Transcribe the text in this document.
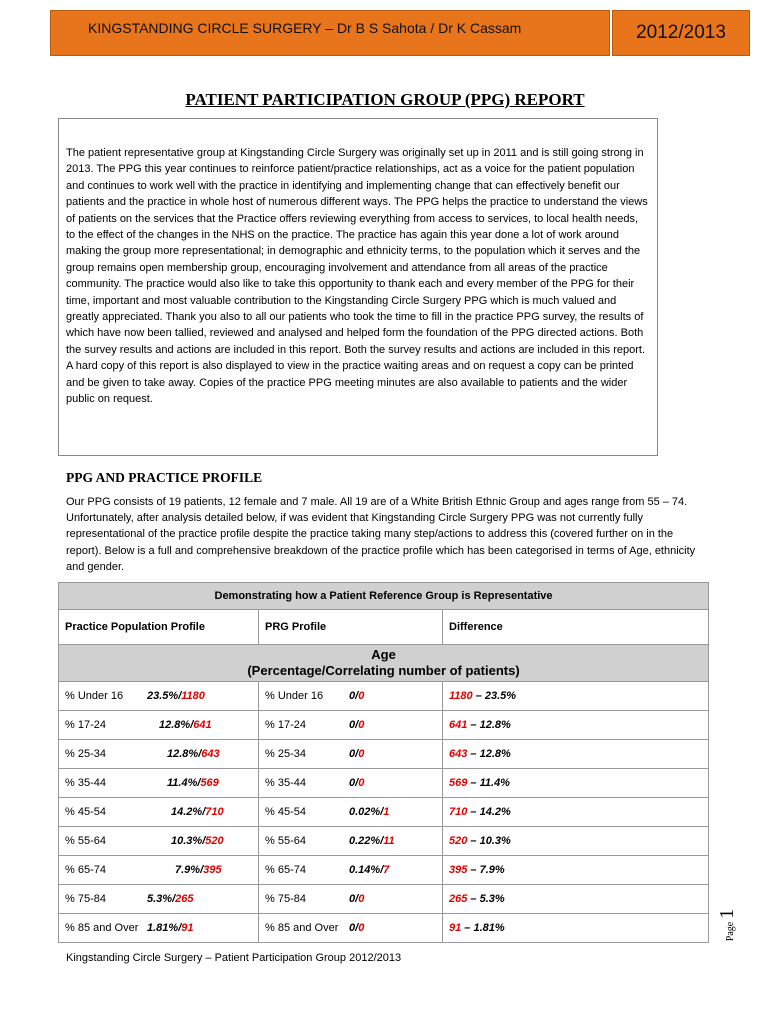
KINGSTANDING CIRCLE SURGERY – Dr B S Sahota / Dr K Cassam	2012/2013
PATIENT PARTICIPATION GROUP (PPG) REPORT

The patient representative group at Kingstanding Circle Surgery was originally set up in 2011 and is still going strong in 2013. The PPG this year continues to reinforce patient/practice relationships, act as a voice for the patient population and continues to work well with the practice in identifying and implementing change that can effectively benefit our patients and the practice in whole host of numerous different ways. The PPG helps the practice to understand the views of patients on the services that the Practice offers reviewing everything from access to services, to local health needs, to the effect of the changes in the NHS on the practice. The practice has again this year done a lot of work around making the group more representational; in demographic and ethnicity terms, to the population which it serves and the group remains open membership group, encouraging involvement and attendance from all areas of the practice community. The practice would also like to take this opportunity to thank each and every member of the PPG for their time, important and most valuable contribution to the Kingstanding Circle Surgery PPG which is much valued and greatly appreciated. Thank you also to all our patients who took the time to fill in the practice PPG survey, the results of which have now been tallied, reviewed and analysed and helped form the foundation of the PPG directed actions. Both the survey results and actions are included in this report. Both the survey results and actions are included in this report. A hard copy of this report is also displayed to view in the practice waiting areas and on request a copy can be printed and be given to take away. Copies of the practice PPG meeting minutes are also available to patients and the wider public on request.

PPG AND PRACTICE PROFILE

Our PPG consists of 19 patients, 12 female and 7 male. All 19 are of a White British Ethnic Group and ages range from 55 – 74. Unfortunately, after analysis detailed below, if was evident that Kingstanding Circle Surgery PPG was not currently fully representational of the practice profile despite the practice taking many step/actions to address this (covered further on in the report). Below is a full and comprehensive breakdown of the practice profile which has been categorised in terms of Age, ethnicity and gender.

Demonstrating how a Patient Reference Group is Representative		
Practice Population Profile	PRG Profile	Difference

Age
(Percentage/Correlating number of patients)		

% Under 16 23.5%/1180	% Under 16 0/0	1180 – 23.5%
% 17-24 12.8%/641	% 17-24 0/0	641 – 12.8%
% 25-34 12.8%/643	% 25-34 0/0	643 – 12.8%
% 35-44 11.4%/569	% 35-44 0/0	569 – 11.4%
% 45-54 14.2%/710	% 45-54 0.02%/1	710 – 14.2%
% 55-64 10.3%/520	% 55-64 0.22%/11	520 – 10.3%
% 65-74 7.9%/395	% 65-74 0.14%/7	395 – 7.9%
% 75-84 5.3%/265	% 75-84 0/0	265 – 5.3%
% 85 and Over 1.81%/91	% 85 and Over 0/0	91 – 1.81%
Kingstanding Circle Surgery – Patient Participation Group 2012/2013
Page
1
